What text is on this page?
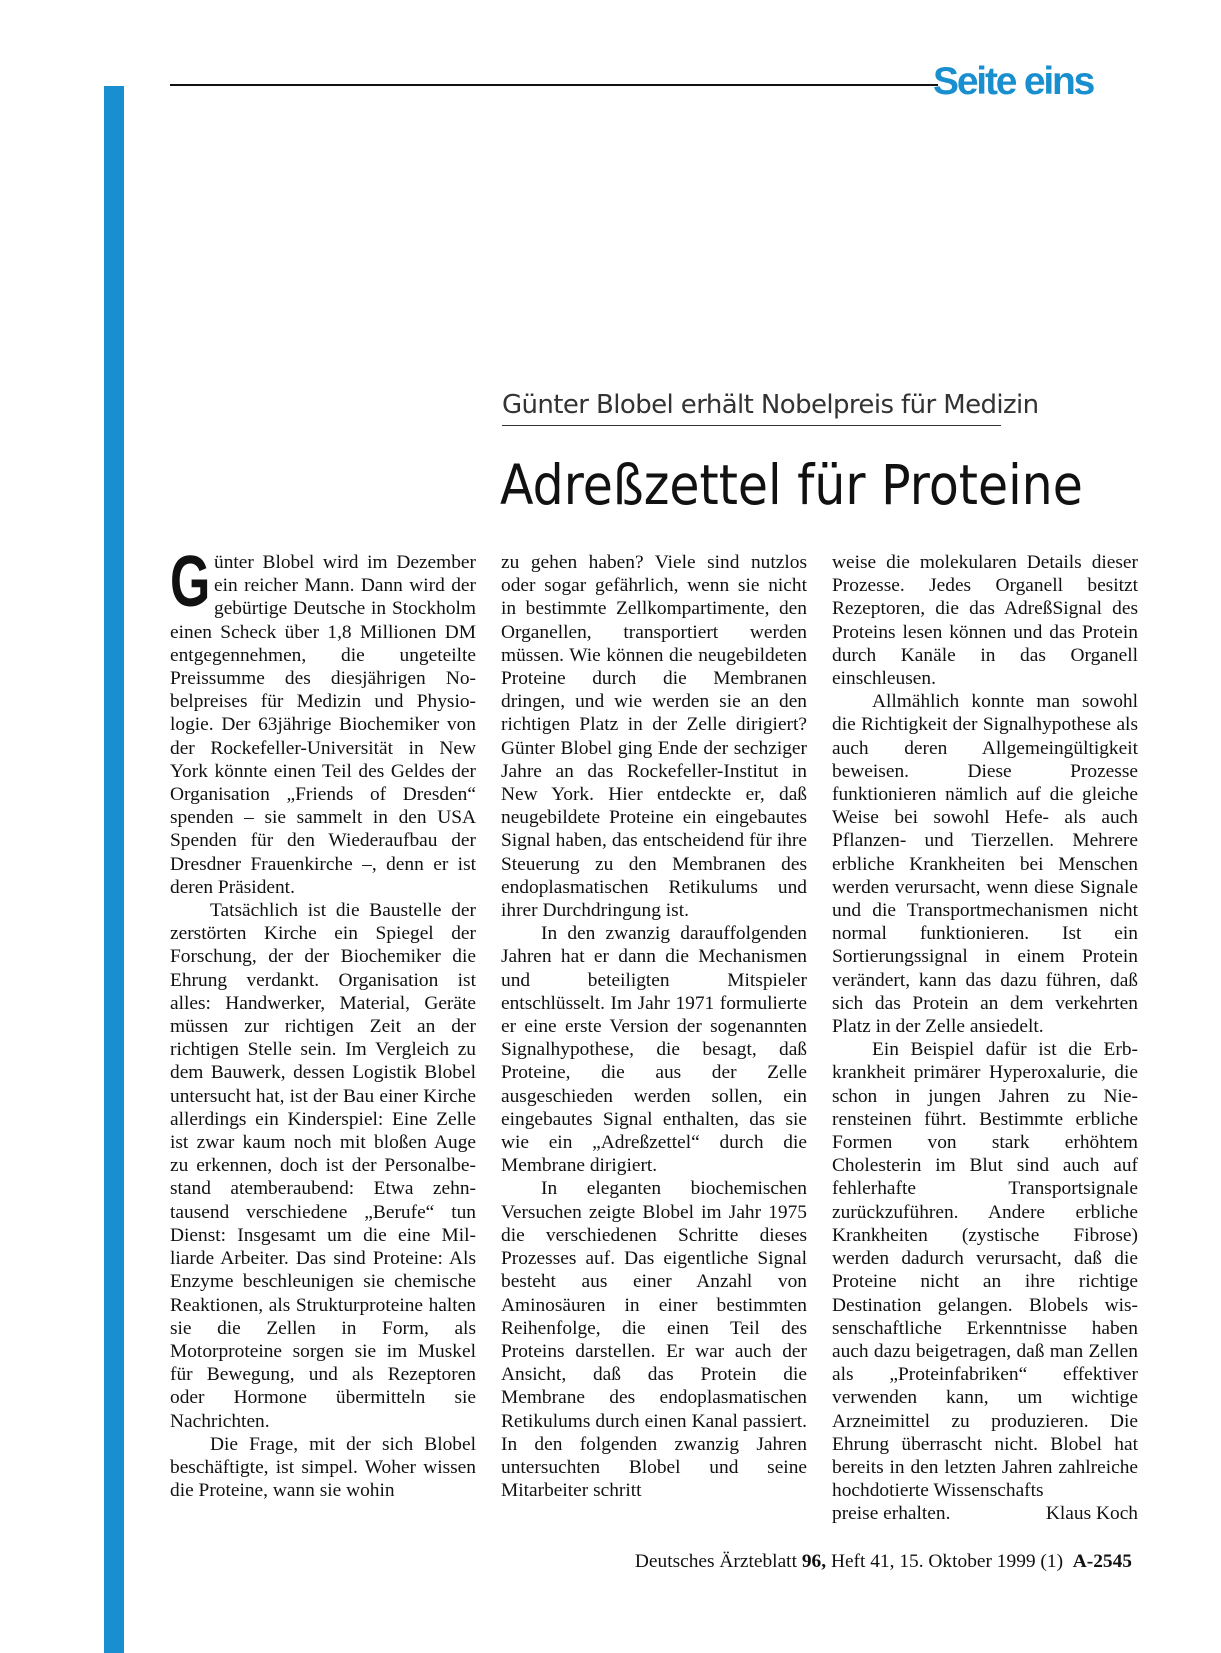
Seite eins
Günter Blobel erhält Nobelpreis für Medizin
Adreßzettel für Proteine

Günter Blobel wird im Dezember ein reicher Mann. Dann wird der gebürtige Deutsche in Stockholm einen Scheck über 1,8 Millionen DM entgegennehmen, die ungeteilte Preissumme des diesjährigen Nobelpreises für Medizin und Physiologie. Der 63jährige Biochemiker von der Rockefeller-Universität in New York könnte einen Teil des Geldes der Organisation „Friends of Dresden“ spenden – sie sammelt in den USA Spenden für den Wiederaufbau der Dresdner Frauenkirche –, denn er ist deren Präsident.

Tatsächlich ist die Baustelle der zerstörten Kirche ein Spiegel der Forschung, der der Biochemiker die Ehrung verdankt. Organisation ist alles: Handwerker, Material, Geräte müssen zur richtigen Zeit an der richtigen Stelle sein. Im Vergleich zu dem Bauwerk, dessen Logistik Blobel untersucht hat, ist der Bau einer Kirche allerdings ein Kinderspiel: Eine Zelle ist zwar kaum noch mit bloßen Auge zu erkennen, doch ist der Personalbestand atemberaubend: Etwa zehntausend verschiedene „Berufe“ tun Dienst: Insgesamt um die eine Milliarde Arbeiter. Das sind Proteine: Als Enzyme beschleunigen sie chemische Reaktionen, als Strukturproteine halten sie die Zellen in Form, als Motorproteine sorgen sie im Muskel für Bewegung, und als Rezeptoren oder Hormone übermitteln sie Nachrichten.

Die Frage, mit der sich Blobel beschäftigte, ist simpel. Woher wissen die Proteine, wann sie wohin

zu gehen haben? Viele sind nutzlos oder sogar gefährlich, wenn sie nicht in bestimmte Zellkompartimente, den Organellen, transportiert werden müssen. Wie können die neugebildeten Proteine durch die Membranen dringen, und wie werden sie an den richtigen Platz in der Zelle dirigiert? Günter Blobel ging Ende der sechziger Jahre an das Rockefeller-Institut in New York. Hier entdeckte er, daß neugebildete Proteine ein eingebautes Signal haben, das entscheidend für ihre Steuerung zu den Membranen des endoplasmatischen Retikulums und ihrer Durchdringung ist.

In den zwanzig darauffolgenden Jahren hat er dann die Mechanismen und beteiligten Mitspieler entschlüsselt. Im Jahr 1971 formulierte er eine erste Version der sogenannten Signalhypothese, die besagt, daß Proteine, die aus der Zelle ausgeschieden werden sollen, ein eingebautes Signal enthalten, das sie wie ein „Adreßzettel“ durch die Membrane dirigiert.

In eleganten biochemischen Versuchen zeigte Blobel im Jahr 1975 die verschiedenen Schritte dieses Prozesses auf. Das eigentliche Signal besteht aus einer Anzahl von Aminosäuren in einer bestimmten Reihenfolge, die einen Teil des Proteins darstellen. Er war auch der Ansicht, daß das Protein die Membrane des endoplasmatischen Retikulums durch einen Kanal passiert. In den folgenden zwanzig Jahren untersuchten Blobel und seine Mitarbeiter schritt

weise die molekularen Details dieser Prozesse. Jedes Organell besitzt Rezeptoren, die das AdreßSignal des Proteins lesen können und das Protein durch Kanäle in das Organell einschleusen.

Allmählich konnte man sowohl die Richtigkeit der Signalhypothese als auch deren Allgemeingültigkeit beweisen. Diese Prozesse funktionieren nämlich auf die gleiche Weise bei sowohl Hefe- als auch Pflanzen- und Tierzellen. Mehrere erbliche Krankheiten bei Menschen werden verursacht, wenn diese Signale und die Transportmechanismen nicht normal funktionieren. Ist ein Sortierungssignal in einem Protein verändert, kann das dazu führen, daß sich das Protein an dem verkehrten Platz in der Zelle ansiedelt.

Ein Beispiel dafür ist die Erbkrankheit primärer Hyperoxalurie, die schon in jungen Jahren zu Nierensteinen führt. Bestimmte erbliche Formen von stark erhöhtem Cholesterin im Blut sind auch auf fehlerhafte Transportsignale zurückzuführen. Andere erbliche Krankheiten (zystische Fibrose) werden dadurch verursacht, daß die Proteine nicht an ihre richtige Destination gelangen. Blobels wissenschaftliche Erkenntnisse haben auch dazu beigetragen, daß man Zellen als „Proteinfabriken“ effektiver verwenden kann, um wichtige Arzneimittel zu produzieren. Die Ehrung überrascht nicht. Blobel hat bereits in den letzten Jahren zahlreiche hochdotierte Wissenschafts

preise erhalten.	Klaus Koch
Deutsches Ärzteblatt 96, Heft 41, 15. Oktober 1999 (1) A-2545
